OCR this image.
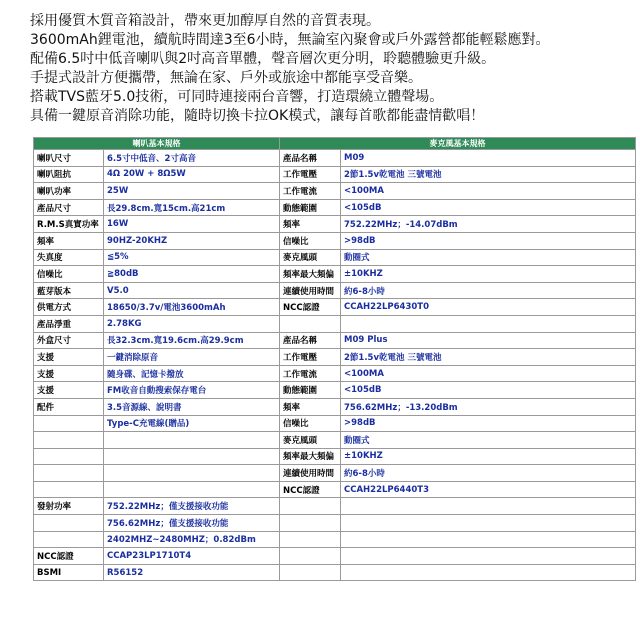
採用優質木質音箱設計，帶來更加醇厚自然的音質表現。
3600mAh鋰電池，續航時間達3至6小時，無論室內聚會或戶外露營都能輕鬆應對。
配備6.5吋中低音喇叭與2吋高音單體，聲音層次更分明，聆聽體驗更升級。
手提式設計方便攜帶，無論在家、戶外或旅途中都能享受音樂。
搭載TVS藍牙5.0技術，可同時連接兩台音響，打造環繞立體聲場。
具備一鍵原音消除功能，隨時切換卡拉OK模式，讓每首歌都能盡情歡唱！
喇叭基本規格		麥克風基本規格	
喇叭尺寸	6.5寸中低音、2寸高音	產品名稱	M09
喇叭阻抗	4Ω 20W + 8Ω5W	工作電壓	2節1.5v乾電池 三號電池
喇叭功率	25W	工作電流	<100MA
產品尺寸	長29.8cm.寬15cm.高21cm	動態範圍	<105dB
R.M.S真實功率	16W	頻率	752.22MHz；-14.07dBm
頻率	90HZ-20KHZ	信噪比	>98dB
失真度	≦5%	麥克風頭	動圈式
信噪比	≧80dB	頻率最大頻偏	±10KHZ
藍芽版本	V5.0	連續使用時間	約6-8小時
供電方式	18650/3.7v/電池3600mAh	NCC認證	CCAH22LP6430T0
產品淨重	2.78KG		
外盒尺寸	長32.3cm.寬19.6cm.高29.9cm	產品名稱	M09 Plus
支援	一鍵消除原音	工作電壓	2節1.5v乾電池 三號電池
支援	隨身碟、記憶卡撥放	工作電流	<100MA
支援	FM收音自動搜索保存電台	動態範圍	<105dB
配件	3.5音源線、說明書	頻率	756.62MHz；-13.20dBm
	Type-C充電線(贈品)	信噪比	>98dB
		麥克風頭	動圈式
		頻率最大頻偏	±10KHZ
		連續使用時間	約6-8小時
		NCC認證	CCAH22LP6440T3
發射功率	752.22MHz；僅支援接收功能		
	756.62MHz；僅支援接收功能		
	2402MHZ~2480MHZ；0.82dBm		
NCC認證	CCAP23LP1710T4		
BSMI	R56152		
